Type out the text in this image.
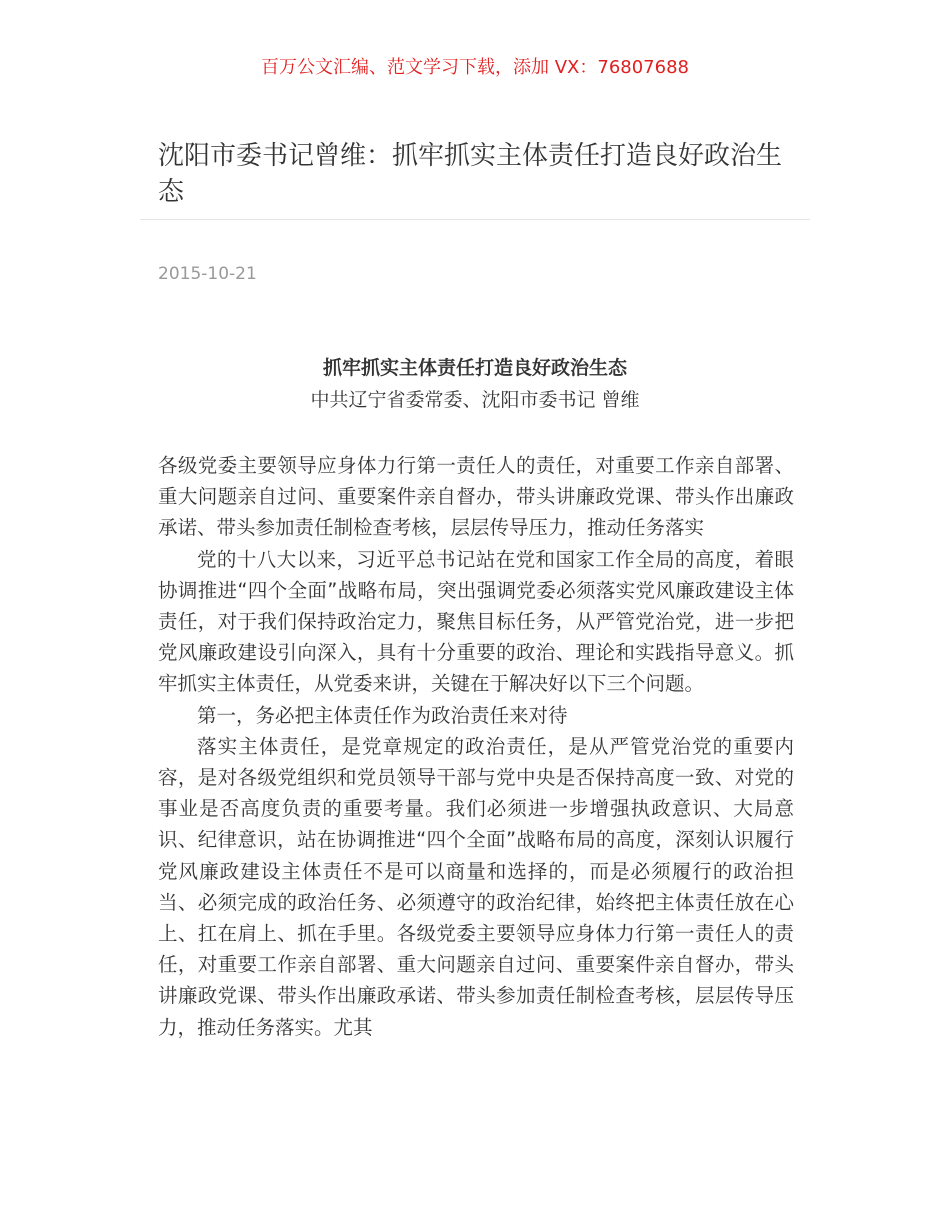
百万公文汇编、范文学习下载，添加 VX：76807688
沈阳市委书记曾维：抓牢抓实主体责任打造良好政治生态
2015-10-21
抓牢抓实主体责任打造良好政治生态
中共辽宁省委常委、沈阳市委书记 曾维

各级党委主要领导应身体力行第一责任人的责任，对重要工作亲自部署、重大问题亲自过问、重要案件亲自督办，带头讲廉政党课、带头作出廉政承诺、带头参加责任制检查考核，层层传导压力，推动任务落实

党的十八大以来，习近平总书记站在党和国家工作全局的高度，着眼协调推进“四个全面”战略布局，突出强调党委必须落实党风廉政建设主体责任，对于我们保持政治定力，聚焦目标任务，从严管党治党，进一步把党风廉政建设引向深入，具有十分重要的政治、理论和实践指导意义。抓牢抓实主体责任，从党委来讲，关键在于解决好以下三个问题。

第一，务必把主体责任作为政治责任来对待

落实主体责任，是党章规定的政治责任，是从严管党治党的重要内容，是对各级党组织和党员领导干部与党中央是否保持高度一致、对党的事业是否高度负责的重要考量。我们必须进一步增强执政意识、大局意识、纪律意识，站在协调推进“四个全面”战略布局的高度，深刻认识履行党风廉政建设主体责任不是可以商量和选择的，而是必须履行的政治担当、必须完成的政治任务、必须遵守的政治纪律，始终把主体责任放在心上、扛在肩上、抓在手里。各级党委主要领导应身体力行第一责任人的责任，对重要工作亲自部署、重大问题亲自过问、重要案件亲自督办，带头讲廉政党课、带头作出廉政承诺、带头参加责任制检查考核，层层传导压力，推动任务落实。尤其
